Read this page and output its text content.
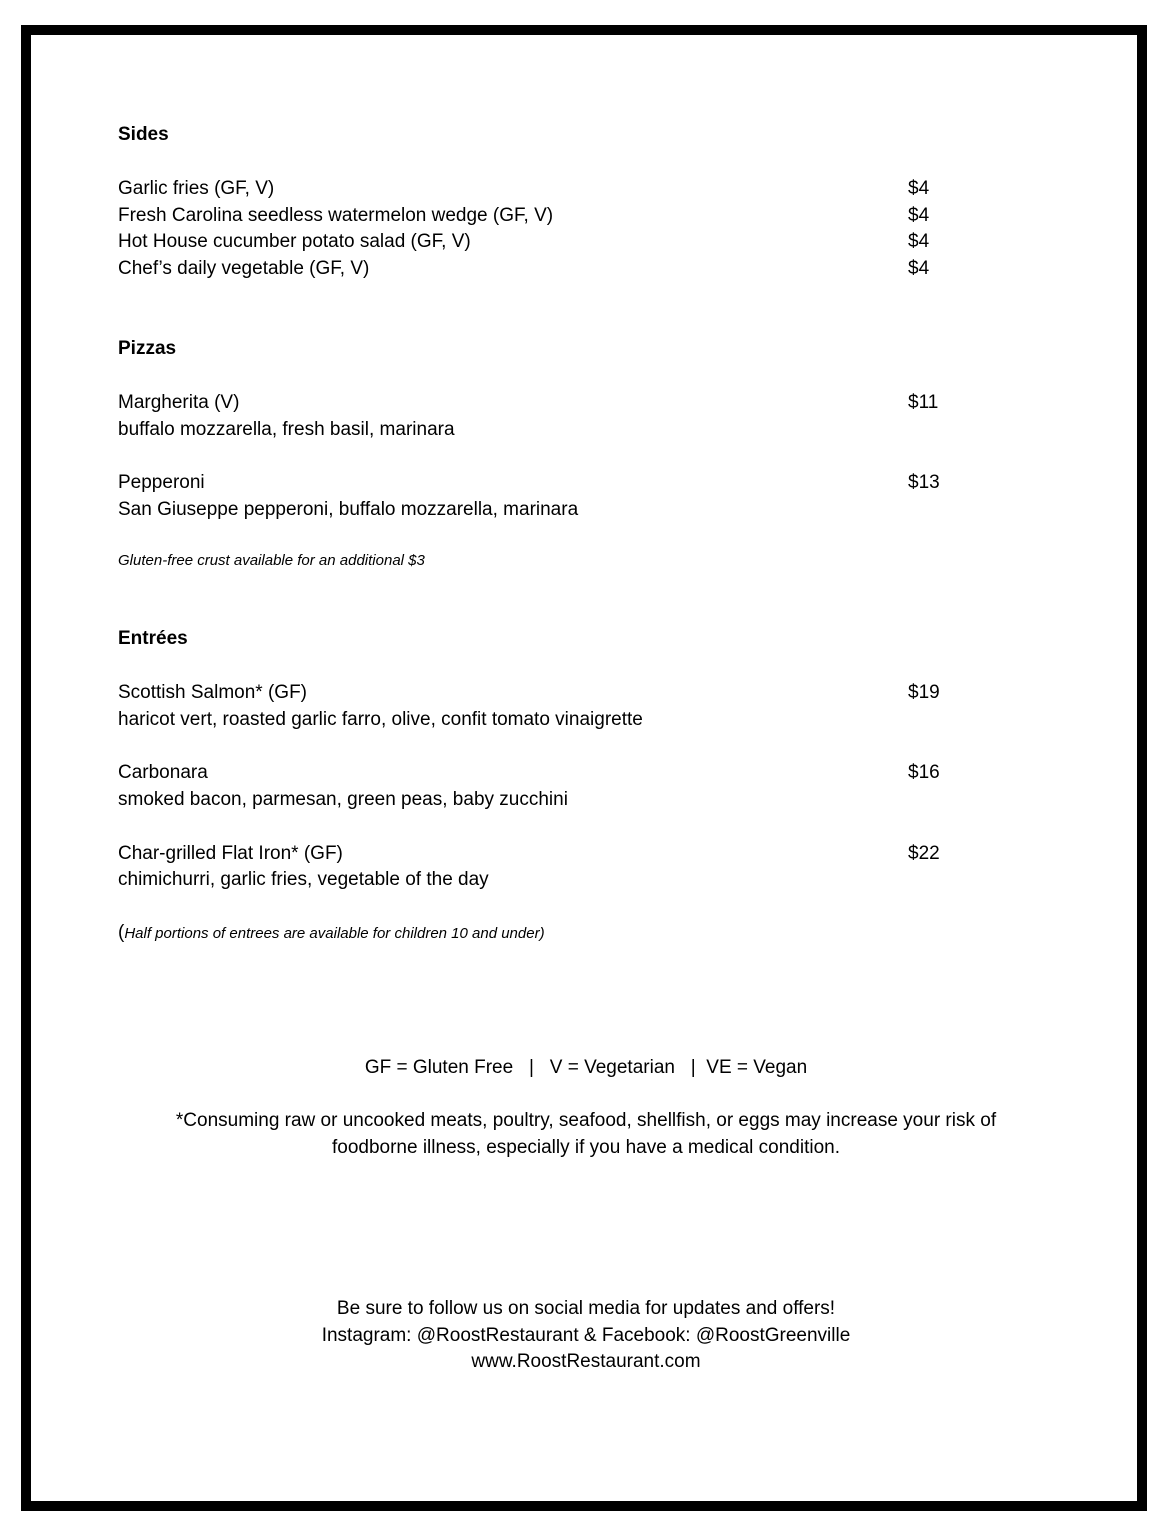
Sides
Garlic fries (GF, V)	$4
Fresh Carolina seedless watermelon wedge (GF, V)	$4
Hot House cucumber potato salad (GF, V)	$4
Chef’s daily vegetable (GF, V)	$4
Pizzas
Margherita (V)	$11
buffalo mozzarella, fresh basil, marinara
Pepperoni	$13
San Giuseppe pepperoni, buffalo mozzarella, marinara
Gluten-free crust available for an additional $3
Entrées
Scottish Salmon* (GF)	$19
haricot vert, roasted garlic farro, olive, confit tomato vinaigrette
Carbonara	$16
smoked bacon, parmesan, green peas, baby zucchini
Char-grilled Flat Iron* (GF)	$22
chimichurri, garlic fries, vegetable of the day
(Half portions of entrees are available for children 10 and under)
GF = Gluten Free   |   V = Vegetarian   |  VE = Vegan
*Consuming raw or uncooked meats, poultry, seafood, shellfish, or eggs may increase your risk of
foodborne illness, especially if you have a medical condition.
Be sure to follow us on social media for updates and offers!
Instagram: @RoostRestaurant & Facebook: @RoostGreenville
www.RoostRestaurant.com
